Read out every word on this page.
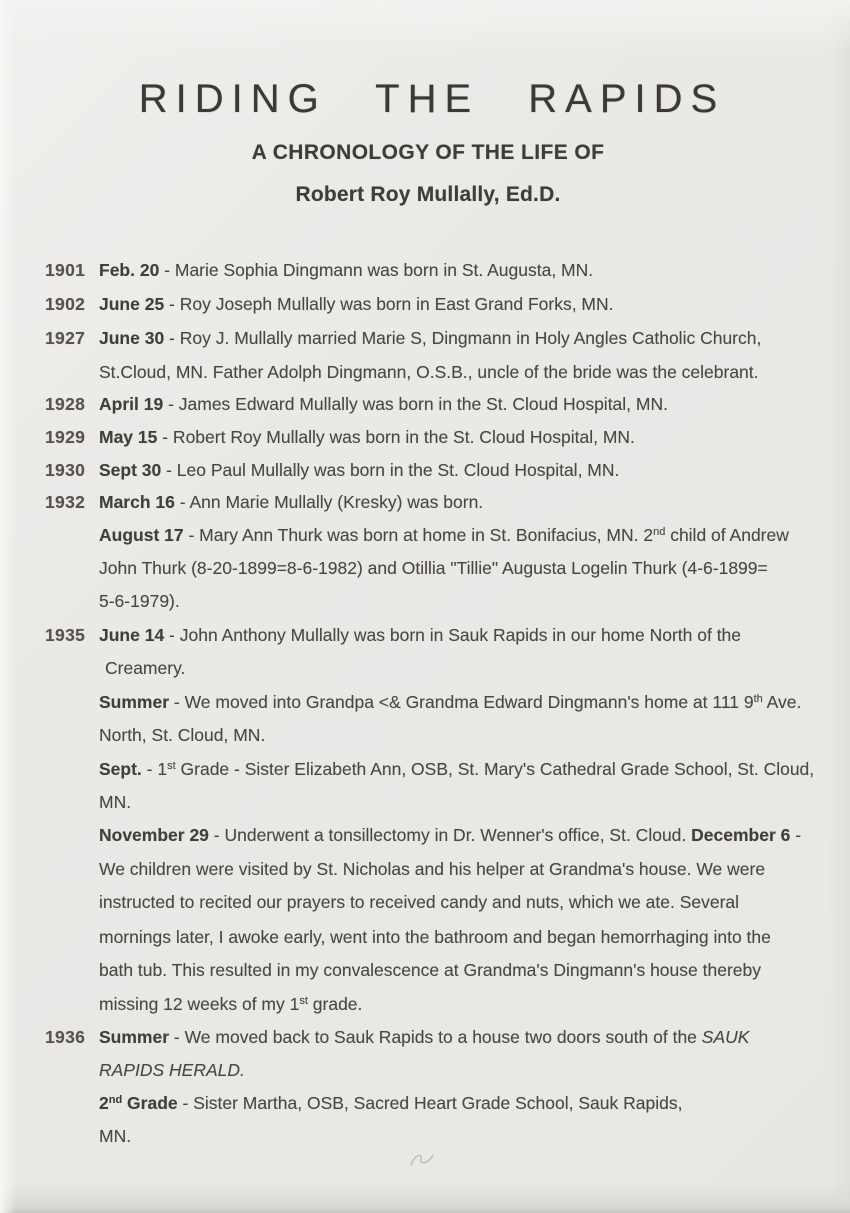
RIDING THE RAPIDS
A CHRONOLOGY OF THE LIFE OF
Robert Roy Mullally, Ed.D.
1901 Feb. 20 - Marie Sophia Dingmann was born in St. Augusta, MN.
1902 June 25 - Roy Joseph Mullally was born in East Grand Forks, MN.
1927 June 30 - Roy J. Mullally married Marie S, Dingmann in Holy Angles Catholic Church,
St.Cloud, MN. Father Adolph Dingmann, O.S.B., uncle of the bride was the celebrant.
1928 April 19 - James Edward Mullally was born in the St. Cloud Hospital, MN.
1929 May 15 - Robert Roy Mullally was born in the St. Cloud Hospital, MN.
1930 Sept 30 - Leo Paul Mullally was born in the St. Cloud Hospital, MN.
1932 March 16 - Ann Marie Mullally (Kresky) was born.
August 17 - Mary Ann Thurk was born at home in St. Bonifacius, MN. 2nd child of Andrew
John Thurk (8-20-1899=8-6-1982) and Otillia "Tillie" Augusta Logelin Thurk (4-6-1899=
5-6-1979).
1935 June 14 - John Anthony Mullally was born in Sauk Rapids in our home North of the
Creamery.
Summer - We moved into Grandpa <& Grandma Edward Dingmann's home at 111 9th Ave.
North, St. Cloud, MN.
Sept. - 1st Grade - Sister Elizabeth Ann, OSB, St. Mary's Cathedral Grade School, St. Cloud,
MN.
November 29 - Underwent a tonsillectomy in Dr. Wenner's office, St. Cloud. December 6 -
We children were visited by St. Nicholas and his helper at Grandma's house. We were
instructed to recited our prayers to received candy and nuts, which we ate. Several
mornings later, I awoke early, went into the bathroom and began hemorrhaging into the
bath tub. This resulted in my convalescence at Grandma's Dingmann's house thereby
missing 12 weeks of my 1st grade.
1936 Summer - We moved back to Sauk Rapids to a house two doors south of the SAUK
RAPIDS HERALD.
2nd Grade - Sister Martha, OSB, Sacred Heart Grade School, Sauk Rapids,
MN.
